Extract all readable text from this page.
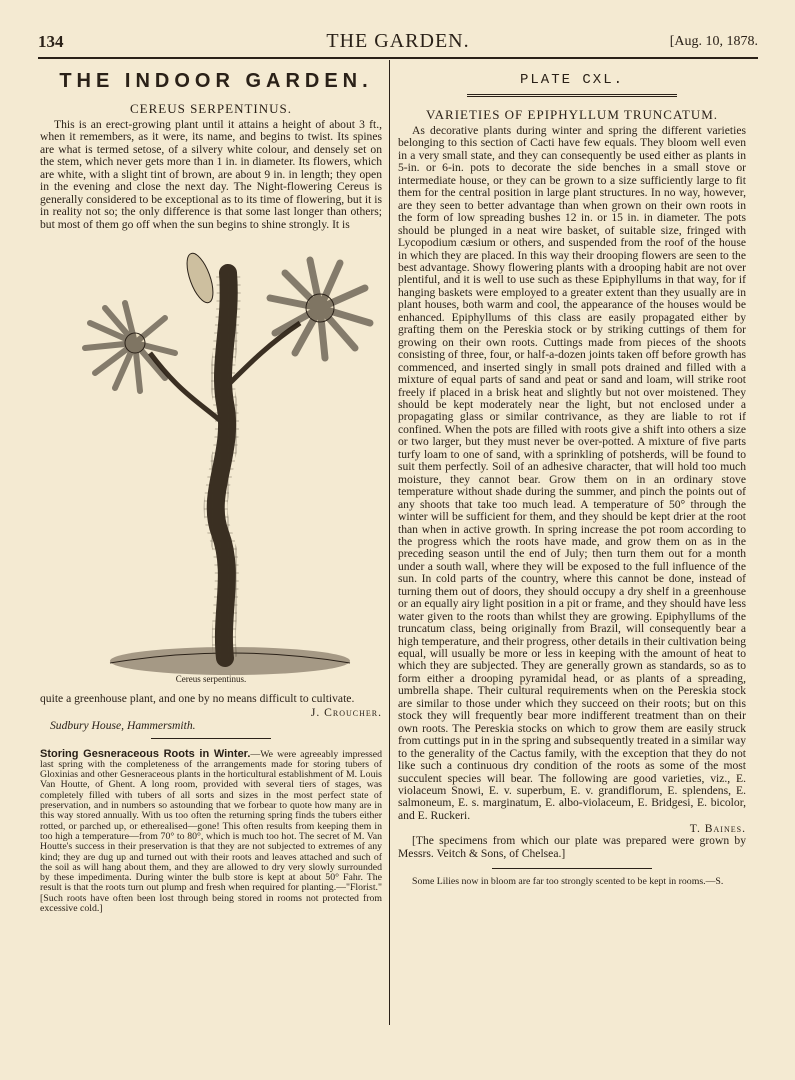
134	THE GARDEN.	[Aug. 10, 1878.
THE INDOOR GARDEN.
CEREUS SERPENTINUS.

This is an erect-growing plant until it attains a height of about 3 ft., when it remembers, as it were, its name, and begins to twist. Its spines are what is termed setose, of a silvery white colour, and densely set on the stem, which never gets more than 1 in. in diameter. Its flowers, which are white, with a slight tint of brown, are about 9 in. in length; they open in the evening and close the next day. The Night-flowering Cereus is generally considered to be exceptional as to its time of flowering, but it is in reality not so; the only difference is that some last longer than others; but most of them go off when the sun begins to shine strongly. It is

Cereus serpentinus.

quite a greenhouse plant, and one by no means difficult to cultivate.

J. Croucher.
Sudbury House, Hammersmith.

Storing Gesneraceous Roots in Winter.—We were agreeably impressed last spring with the completeness of the arrangements made for storing tubers of Gloxinias and other Gesneraceous plants in the horticultural establishment of M. Louis Van Houtte, of Ghent. A long room, provided with several tiers of stages, was completely filled with tubers of all sorts and sizes in the most perfect state of preservation, and in numbers so astounding that we forbear to quote how many are in this way stored annually. With us too often the returning spring finds the tubers either rotted, or parched up, or etherealised—gone! This often results from keeping them in too high a temperature—from 70° to 80°, which is much too hot. The secret of M. Van Houtte's success in their preservation is that they are not subjected to extremes of any kind; they are dug up and turned out with their roots and leaves attached and such of the soil as will hang about them, and they are allowed to dry very slowly surrounded by these impedimenta. During winter the bulb store is kept at about 50° Fahr. The result is that the roots turn out plump and fresh when required for planting.—"Florist." [Such roots have often been lost through being stored in rooms not protected from excessive cold.]

PLATE CXL.
VARIETIES OF EPIPHYLLUM TRUNCATUM.

As decorative plants during winter and spring the different varieties belonging to this section of Cacti have few equals. They bloom well even in a very small state, and they can consequently be used either as plants in 5-in. or 6-in. pots to decorate the side benches in a small stove or intermediate house, or they can be grown to a size sufficiently large to fit them for the central position in large plant structures. In no way, however, are they seen to better advantage than when grown on their own roots in the form of low spreading bushes 12 in. or 15 in. in diameter. The pots should be plunged in a neat wire basket, of suitable size, fringed with Lycopodium cæsium or others, and suspended from the roof of the house in which they are placed. In this way their drooping flowers are seen to the best advantage. Showy flowering plants with a drooping habit are not over plentiful, and it is well to use such as these Epiphyllums in that way, for if hanging baskets were employed to a greater extent than they usually are in plant houses, both warm and cool, the appearance of the houses would be enhanced. Epiphyllums of this class are easily propagated either by grafting them on the Pereskia stock or by striking cuttings of them for growing on their own roots. Cuttings made from pieces of the shoots consisting of three, four, or half-a-dozen joints taken off before growth has commenced, and inserted singly in small pots drained and filled with a mixture of equal parts of sand and peat or sand and loam, will strike root freely if placed in a brisk heat and slightly but not over moistened. They should be kept moderately near the light, but not enclosed under a propagating glass or similar contrivance, as they are liable to rot if confined. When the pots are filled with roots give a shift into others a size or two larger, but they must never be over-potted. A mixture of five parts turfy loam to one of sand, with a sprinkling of potsherds, will be found to suit them perfectly. Soil of an adhesive character, that will hold too much moisture, they cannot bear. Grow them on in an ordinary stove temperature without shade during the summer, and pinch the points out of any shoots that take too much lead. A temperature of 50° through the winter will be sufficient for them, and they should be kept drier at the root than when in active growth. In spring increase the pot room according to the progress which the roots have made, and grow them on as in the preceding season until the end of July; then turn them out for a month under a south wall, where they will be exposed to the full influence of the sun. In cold parts of the country, where this cannot be done, instead of turning them out of doors, they should occupy a dry shelf in a greenhouse or an equally airy light position in a pit or frame, and they should have less water given to the roots than whilst they are growing. Epiphyllums of the truncatum class, being originally from Brazil, will consequently bear a high temperature, and their progress, other details in their cultivation being equal, will usually be more or less in keeping with the amount of heat to which they are subjected. They are generally grown as standards, so as to form either a drooping pyramidal head, or as plants of a spreading, umbrella shape. Their cultural requirements when on the Pereskia stock are similar to those under which they succeed on their roots; but on this stock they will frequently bear more indifferent treatment than on their own roots. The Pereskia stocks on which to grow them are easily struck from cuttings put in in the spring and subsequently treated in a similar way to the generality of the Cactus family, with the exception that they do not like such a continuous dry condition of the roots as some of the most succulent species will bear. The following are good varieties, viz., E. violaceum Snowi, E. v. superbum, E. v. grandiflorum, E. splendens, E. salmoneum, E. s. marginatum, E. albo-violaceum, E. Bridgesi, E. bicolor, and E. Ruckeri.

T. Baines.

[The specimens from which our plate was prepared were grown by Messrs. Veitch & Sons, of Chelsea.]

Some Lilies now in bloom are far too strongly scented to be kept in rooms.—S.
